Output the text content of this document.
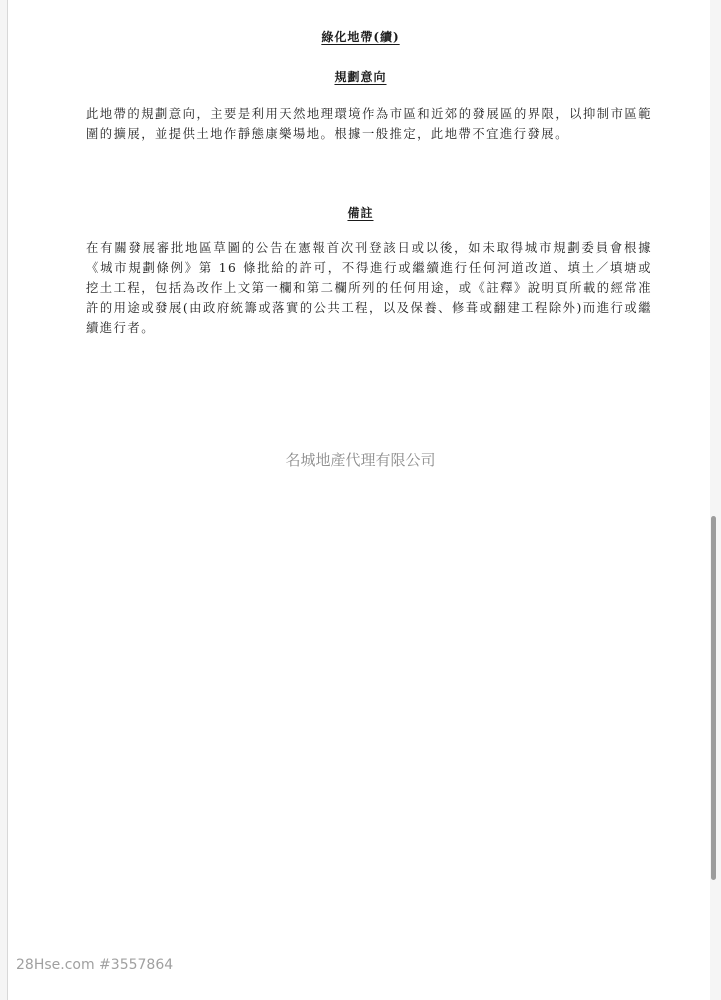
綠化地帶(續)
規劃意向

此地帶的規劃意向，主要是利用天然地理環境作為市區和近郊的發展區的界限，以抑制市區範圍的擴展，並提供土地作靜態康樂場地。根據一般推定，此地帶不宜進行發展。

備註

在有關發展審批地區草圖的公告在憲報首次刊登該日或以後，如未取得城市規劃委員會根據《城市規劃條例》第 16 條批給的許可，不得進行或繼續進行任何河道改道、填土／填塘或挖土工程，包括為改作上文第一欄和第二欄所列的任何用途，或《註釋》說明頁所載的經常准許的用途或發展(由政府統籌或落實的公共工程，以及保養、修葺或翻建工程除外)而進行或繼續進行者。

名城地產代理有限公司
28Hse.com #3557864
